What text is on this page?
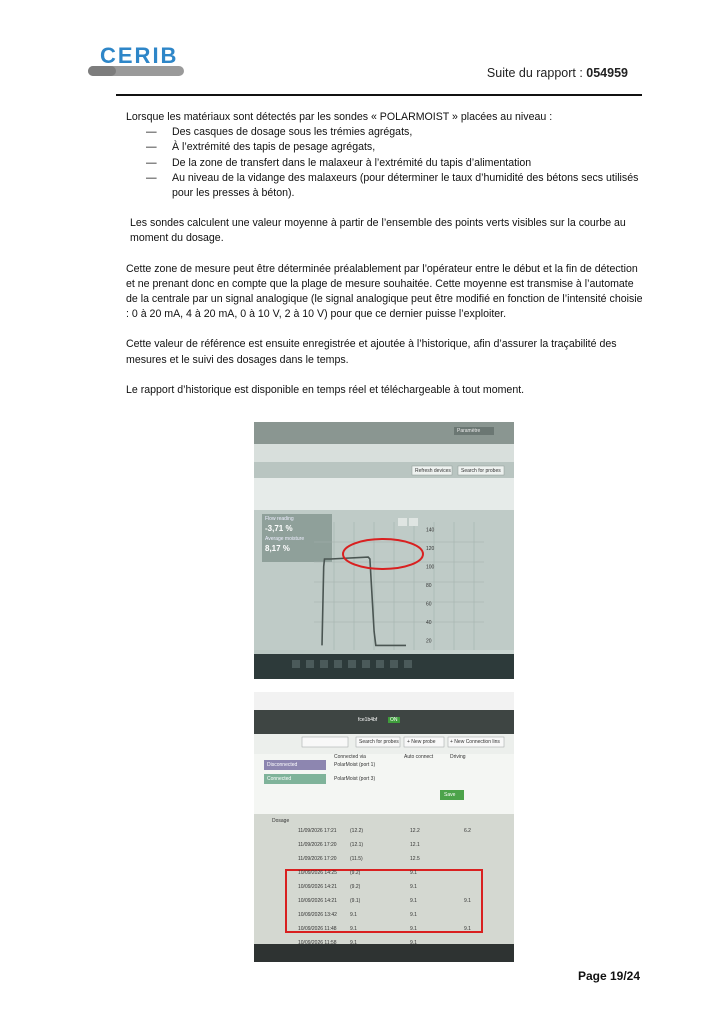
CERIB
Suite du rapport : 054959

Lorsque les matériaux sont détectés par les sondes « POLARMOIST » placées au niveau :

— Des casques de dosage sous les trémies agrégats,
— À l’extrémité des tapis de pesage agrégats,
— De la zone de transfert dans le malaxeur à l’extrémité du tapis d’alimentation
— Au niveau de la vidange des malaxeurs (pour déterminer le taux d’humidité des bétons secs utilisés pour les presses à béton).

Les sondes calculent une valeur moyenne à partir de l’ensemble des points verts visibles sur la courbe au moment du dosage.

Cette zone de mesure peut être déterminée préalablement par l’opérateur entre le début et la fin de détection et ne prenant donc en compte que la plage de mesure souhaitée. Cette moyenne est transmise à l’automate de la centrale par un signal analogique (le signal analogique peut être modifié en fonction de l’intensité choisie : 0 à 20 mA, 4 à 20 mA, 0 à 10 V, 2 à 10 V) pour que ce dernier puisse l’exploiter.

Cette valeur de référence est ensuite enregistrée et ajoutée à l’historique, afin d’assurer la traçabilité des mesures et le suivi des dosages dans le temps.

Le rapport d’historique est disponible en temps réel et téléchargeable à tout moment.

140
120
100
80
60
40
20
Paramètre
Refresh devices Search for probes
Flow reading
-3,71 %
Average moisture
8,17 %
fce1b4bf	ON
Search for probes + New probe	+ New Connection lins
Connected via	Auto connect	Driving
Disconnected	PolarMoist (port 1)
Connected	PolarMoist (port 3)
Save
Dosage
11/09/2026 17:21	(12.2)	12.2	6.2
11/09/2026 17:20	(12.1)	12.1
11/09/2026 17:20	(11.5)	12.5
10/09/2026 14:25	(9.2)	9.1
10/09/2026 14:21	(9.2)	9.1
10/09/2026 14:21	(9.1)	9.1	9.1
10/09/2026 13:42	9.1	9.1
10/09/2026 11:48	9.1	9.1	9.1
10/09/2026 11:58	9.1	9.1
Page 19/24
